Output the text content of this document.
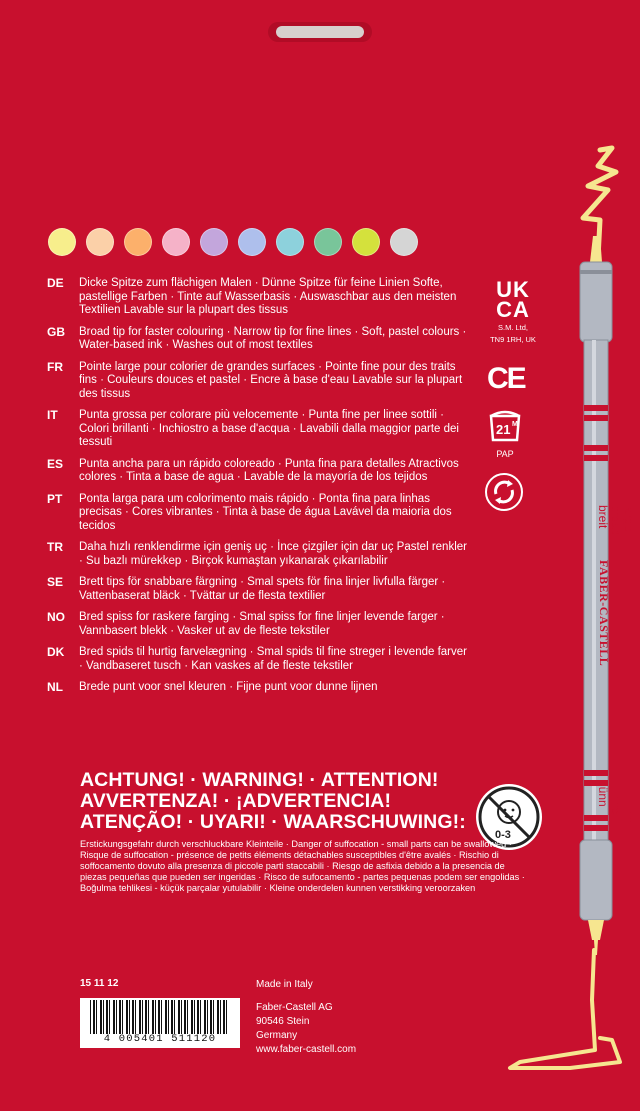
DE	Dicke Spitze zum flächigen Malen · Dünne Spitze für feine Linien Softe, pastellige Farben · Tinte auf Wasserbasis · Auswaschbar aus den meisten Textilien Lavable sur la plupart des tissus
GB	Broad tip for faster colouring · Narrow tip for fine lines · Soft, pastel colours · Water-based ink · Washes out of most textiles
FR	Pointe large pour colorier de grandes surfaces · Pointe fine pour des traits fins · Couleurs douces et pastel · Encre à base d'eau Lavable sur la plupart des tissus
IT	Punta grossa per colorare più velocemente · Punta fine per linee sottili · Colori brillanti · Inchiostro a base d'acqua · Lavabili dalla maggior parte dei tessuti
ES	Punta ancha para un rápido coloreado · Punta fina para detalles Atractivos colores · Tinta a base de agua · Lavable de la mayoría de los tejidos
PT	Ponta larga para um colorimento mais rápido · Ponta fina para linhas precisas · Cores vibrantes · Tinta à base de água Lavável da maioria dos tecidos
TR	Daha hızlı renklendirme için geniş uç · İnce çizgiler için dar uç Pastel renkler · Su bazlı mürekkep · Birçok kumaştan yıkanarak çıkarılabilir
SE	Brett tips för snabbare färgning · Smal spets för fina linjer livfulla färger · Vattenbaserat bläck · Tvättar ur de flesta textilier
NO	Bred spiss for raskere farging · Smal spiss for fine linjer levende farger · Vannbasert blekk · Vasker ut av de fleste tekstiler
DK	Bred spids til hurtig farvelægning · Smal spids til fine streger i levende farver · Vandbaseret tusch · Kan vaskes af de fleste tekstiler
NL	Brede punt voor snel kleuren · Fijne punt voor dunne lijnen
UK
CA
S.M. Ltd,
TN9 1RH, UK
CE
21 M
PAP
0-3
ACHTUNG! · WARNING! · ATTENTION!
AVVERTENZA! · ¡ADVERTENCIA!
ATENÇÃO! · UYARI! · WAARSCHUWING!:
Erstickungsgefahr durch verschluckbare Kleinteile · Danger of suffocation - small parts can be swallowed · Risque de suffocation - présence de petits éléments détachables susceptibles d'être avalés · Rischio di soffocamento dovuto alla presenza di piccole parti staccabili · Riesgo de asfixia debido a la presencia de piezas pequeñas que pueden ser ingeridas · Risco de sufocamento - partes pequenas podem ser engolidas · Boğulma tehlikesi - küçük parçalar yutulabilir · Kleine onderdelen kunnen verstikking veroorzaken
15 11 12
4 005401 511120
Made in Italy
Faber-Castell AG
90546 Stein
Germany
www.faber-castell.com
breit broad large
FABER-CASTELL
dünn fine
fin
